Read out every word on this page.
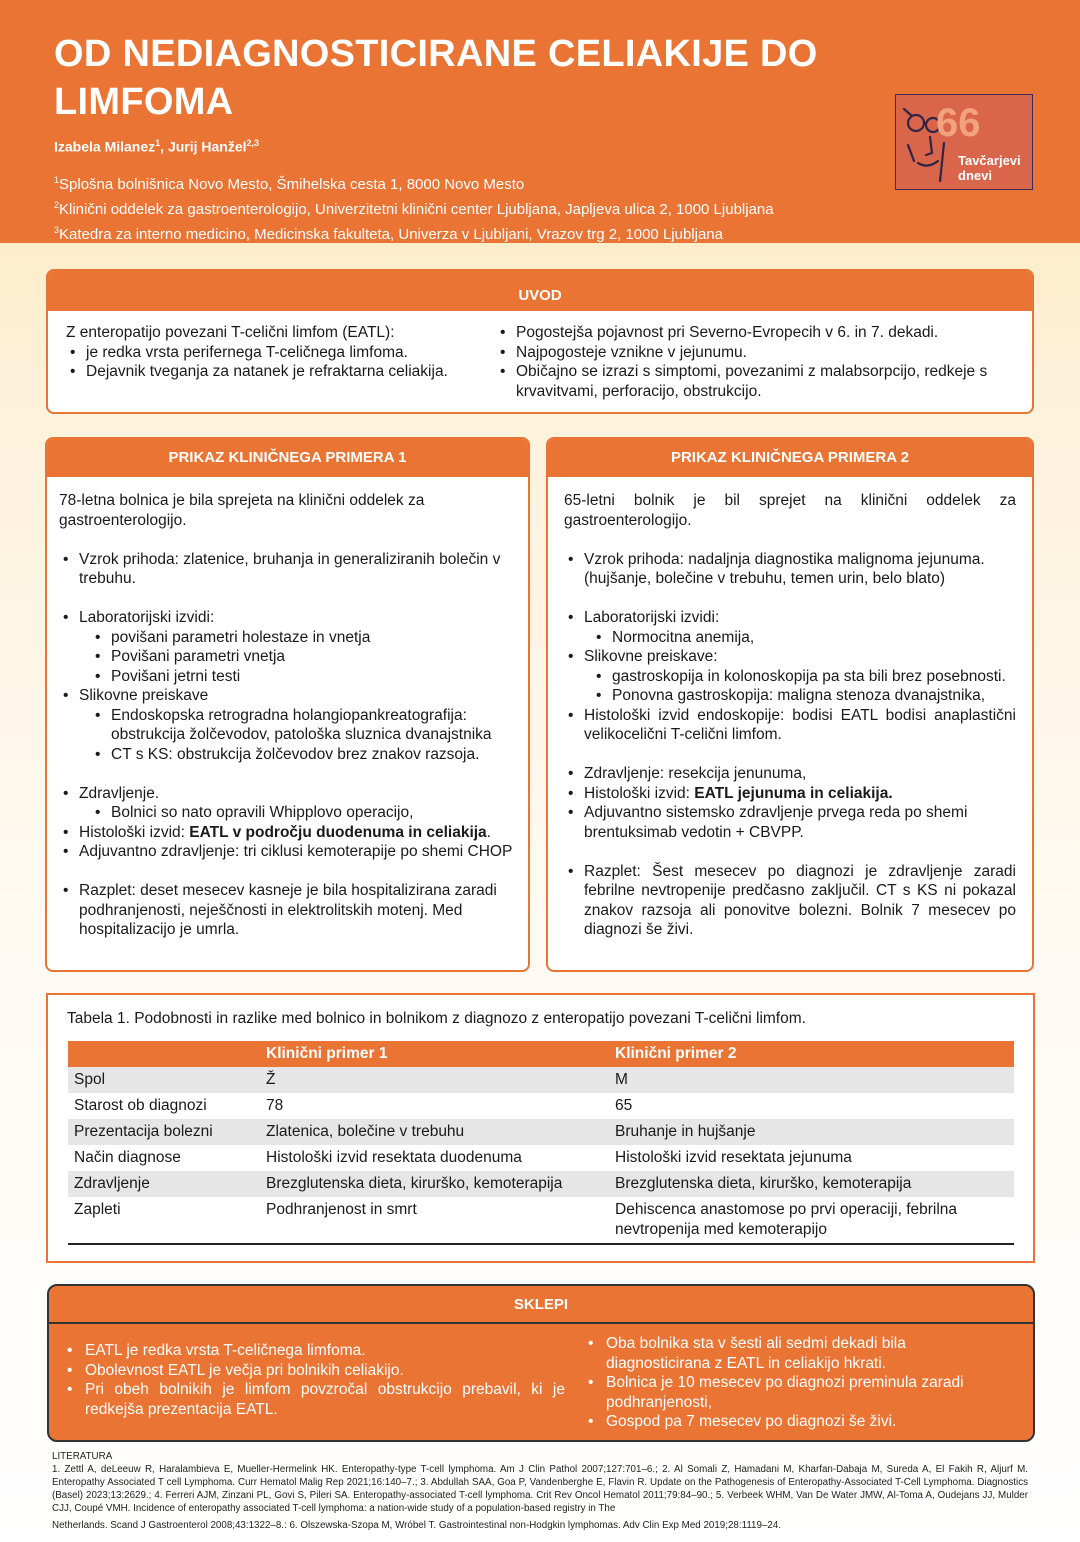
OD NEDIAGNOSTICIRANE CELIAKIJE DO LIMFOMA
Izabela Milanez$^1$, Jurij Hanžel$^{2,3}$
$^1$Splošna bolnišnica Novo Mesto, Šmihelska cesta 1, 8000 Novo Mesto
$^2$Klinični oddelek za gastroenterologijo, Univerzitetni klinični center Ljubljana, Japljeva ulica 2, 1000 Ljubljana
$^3$Katedra za interno medicino, Medicinska fakulteta, Univerza v Ljubljani, Vrazov trg 2, 1000 Ljubljana
66
Tavčarjevi
dnevi
UVOD
Z enteropatijo povezani T-celični limfom (EATL):
• je redka vrsta perifernega T-celičnega limfoma.
• Dejavnik tveganja za natanek je refraktarna celiakija.
• Pogostejša pojavnost pri Severno-Evropecih v 6. in 7. dekadi.
• Najpogosteje vznikne v jejunumu.
• Običajno se izrazi s simptomi, povezanimi z malabsorpcijo, redkeje s krvavitvami, perforacijo, obstrukcijo.
PRIKAZ KLINIČNEGA PRIMERA 1
78-letna bolnica je bila sprejeta na klinični oddelek za gastroenterologijo.
• Vzrok prihoda: zlatenice, bruhanja in generaliziranih bolečin v trebuhu.
• Laboratorijski izvidi:
• povišani parametri holestaze in vnetja
• Povišani parametri vnetja
• Povišani jetrni testi
• Slikovne preiskave
• Endoskopska retrogradna holangiopankreatografija: obstrukcija žolčevodov, patološka sluznica dvanajstnika
• CT s KS: obstrukcija žolčevodov brez znakov razsoja.
• Zdravljenje.
• Bolnici so nato opravili Whipplovo operacijo,
• Histološki izvid: EATL v področju duodenuma in celiakija.
• Adjuvantno zdravljenje: tri ciklusi kemoterapije po shemi CHOP
• Razplet: deset mesecev kasneje je bila hospitalizirana zaradi podhranjenosti, neješčnosti in elektrolitskih motenj. Med hospitalizacijo je umrla.
PRIKAZ KLINIČNEGA PRIMERA 2
65-letni bolnik je bil sprejet na klinični oddelek za gastroenterologijo.
• Vzrok prihoda: nadaljnja diagnostika malignoma jejunuma. (hujšanje, bolečine v trebuhu, temen urin, belo blato)
• Laboratorijski izvidi:
• Normocitna anemija,
• Slikovne preiskave:
• gastroskopija in kolonoskopija pa sta bili brez posebnosti.
• Ponovna gastroskopija: maligna stenoza dvanajstnika,
• Histološki izvid endoskopije: bodisi EATL bodisi anaplastični velikocelični T-celični limfom.
• Zdravljenje: resekcija jenunuma,
• Histološki izvid: EATL jejunuma in celiakija.
• Adjuvantno sistemsko zdravljenje prvega reda po shemi brentuksimab vedotin + CBVPP.
• Razplet: Šest mesecev po diagnozi je zdravljenje zaradi febrilne nevtropenije predčasno zaključil. CT s KS ni pokazal znakov razsoja ali ponovitve bolezni. Bolnik 7 mesecev po diagnozi še živi.
Tabela 1. Podobnosti in razlike med bolnico in bolnikom z diagnozo z enteropatijo povezani T-celični limfom.
	Klinični primer 1	Klinični primer 2
Spol	Ž	M
Starost ob diagnozi	78	65
Prezentacija bolezni	Zlatenica, bolečine v trebuhu	Bruhanje in hujšanje
Način diagnose	Histološki izvid resektata duodenuma	Histološki izvid resektata jejunuma
Zdravljenje	Brezglutenska dieta, kirurško, kemoterapija	Brezglutenska dieta, kirurško, kemoterapija
Zapleti	Podhranjenost in smrt	Dehiscenca anastomose po prvi operaciji, febrilna nevtropenija med kemoterapijo
SKLEPI
• EATL je redka vrsta T-celičnega limfoma.
• Obolevnost EATL je večja pri bolnikih celiakijo.
• Pri obeh bolnikih je limfom povzročal obstrukcijo prebavil, ki je redkejša prezentacija EATL.
• Oba bolnika sta v šesti ali sedmi dekadi bila diagnosticirana z EATL in celiakijo hkrati.
• Bolnica je 10 mesecev po diagnozi preminula zaradi podhranjenosti,
• Gospod pa 7 mesecev po diagnozi še živi.
LITERATURA
1. Zettl A, deLeeuw R, Haralambieva E, Mueller-Hermelink HK. Enteropathy-type T-cell lymphoma. Am J Clin Pathol 2007;127:701–6.; 2. Al Somali Z, Hamadani M, Kharfan-Dabaja M, Sureda A, El Fakih R, Aljurf M. Enteropathy Associated T cell Lymphoma. Curr Hematol Malig Rep 2021;16:140–7.; 3. Abdullah SAA, Goa P, Vandenberghe E, Flavin R. Update on the Pathogenesis of Enteropathy-Associated T-Cell Lymphoma. Diagnostics (Basel) 2023;13:2629.; 4. Ferreri AJM, Zinzani PL, Govi S, Pileri SA. Enteropathy-associated T-cell lymphoma. Crit Rev Oncol Hematol 2011;79:84–90.; 5. Verbeek WHM, Van De Water JMW, Al-Toma A, Oudejans JJ, Mulder CJJ, Coupé VMH. Incidence of enteropathy associated T-cell lymphoma: a nation-wide study of a population-based registry in The
Netherlands. Scand J Gastroenterol 2008;43:1322–8.: 6. Olszewska-Szopa M, Wróbel T. Gastrointestinal non-Hodgkin lymphomas. Adv Clin Exp Med 2019;28:1119–24.
